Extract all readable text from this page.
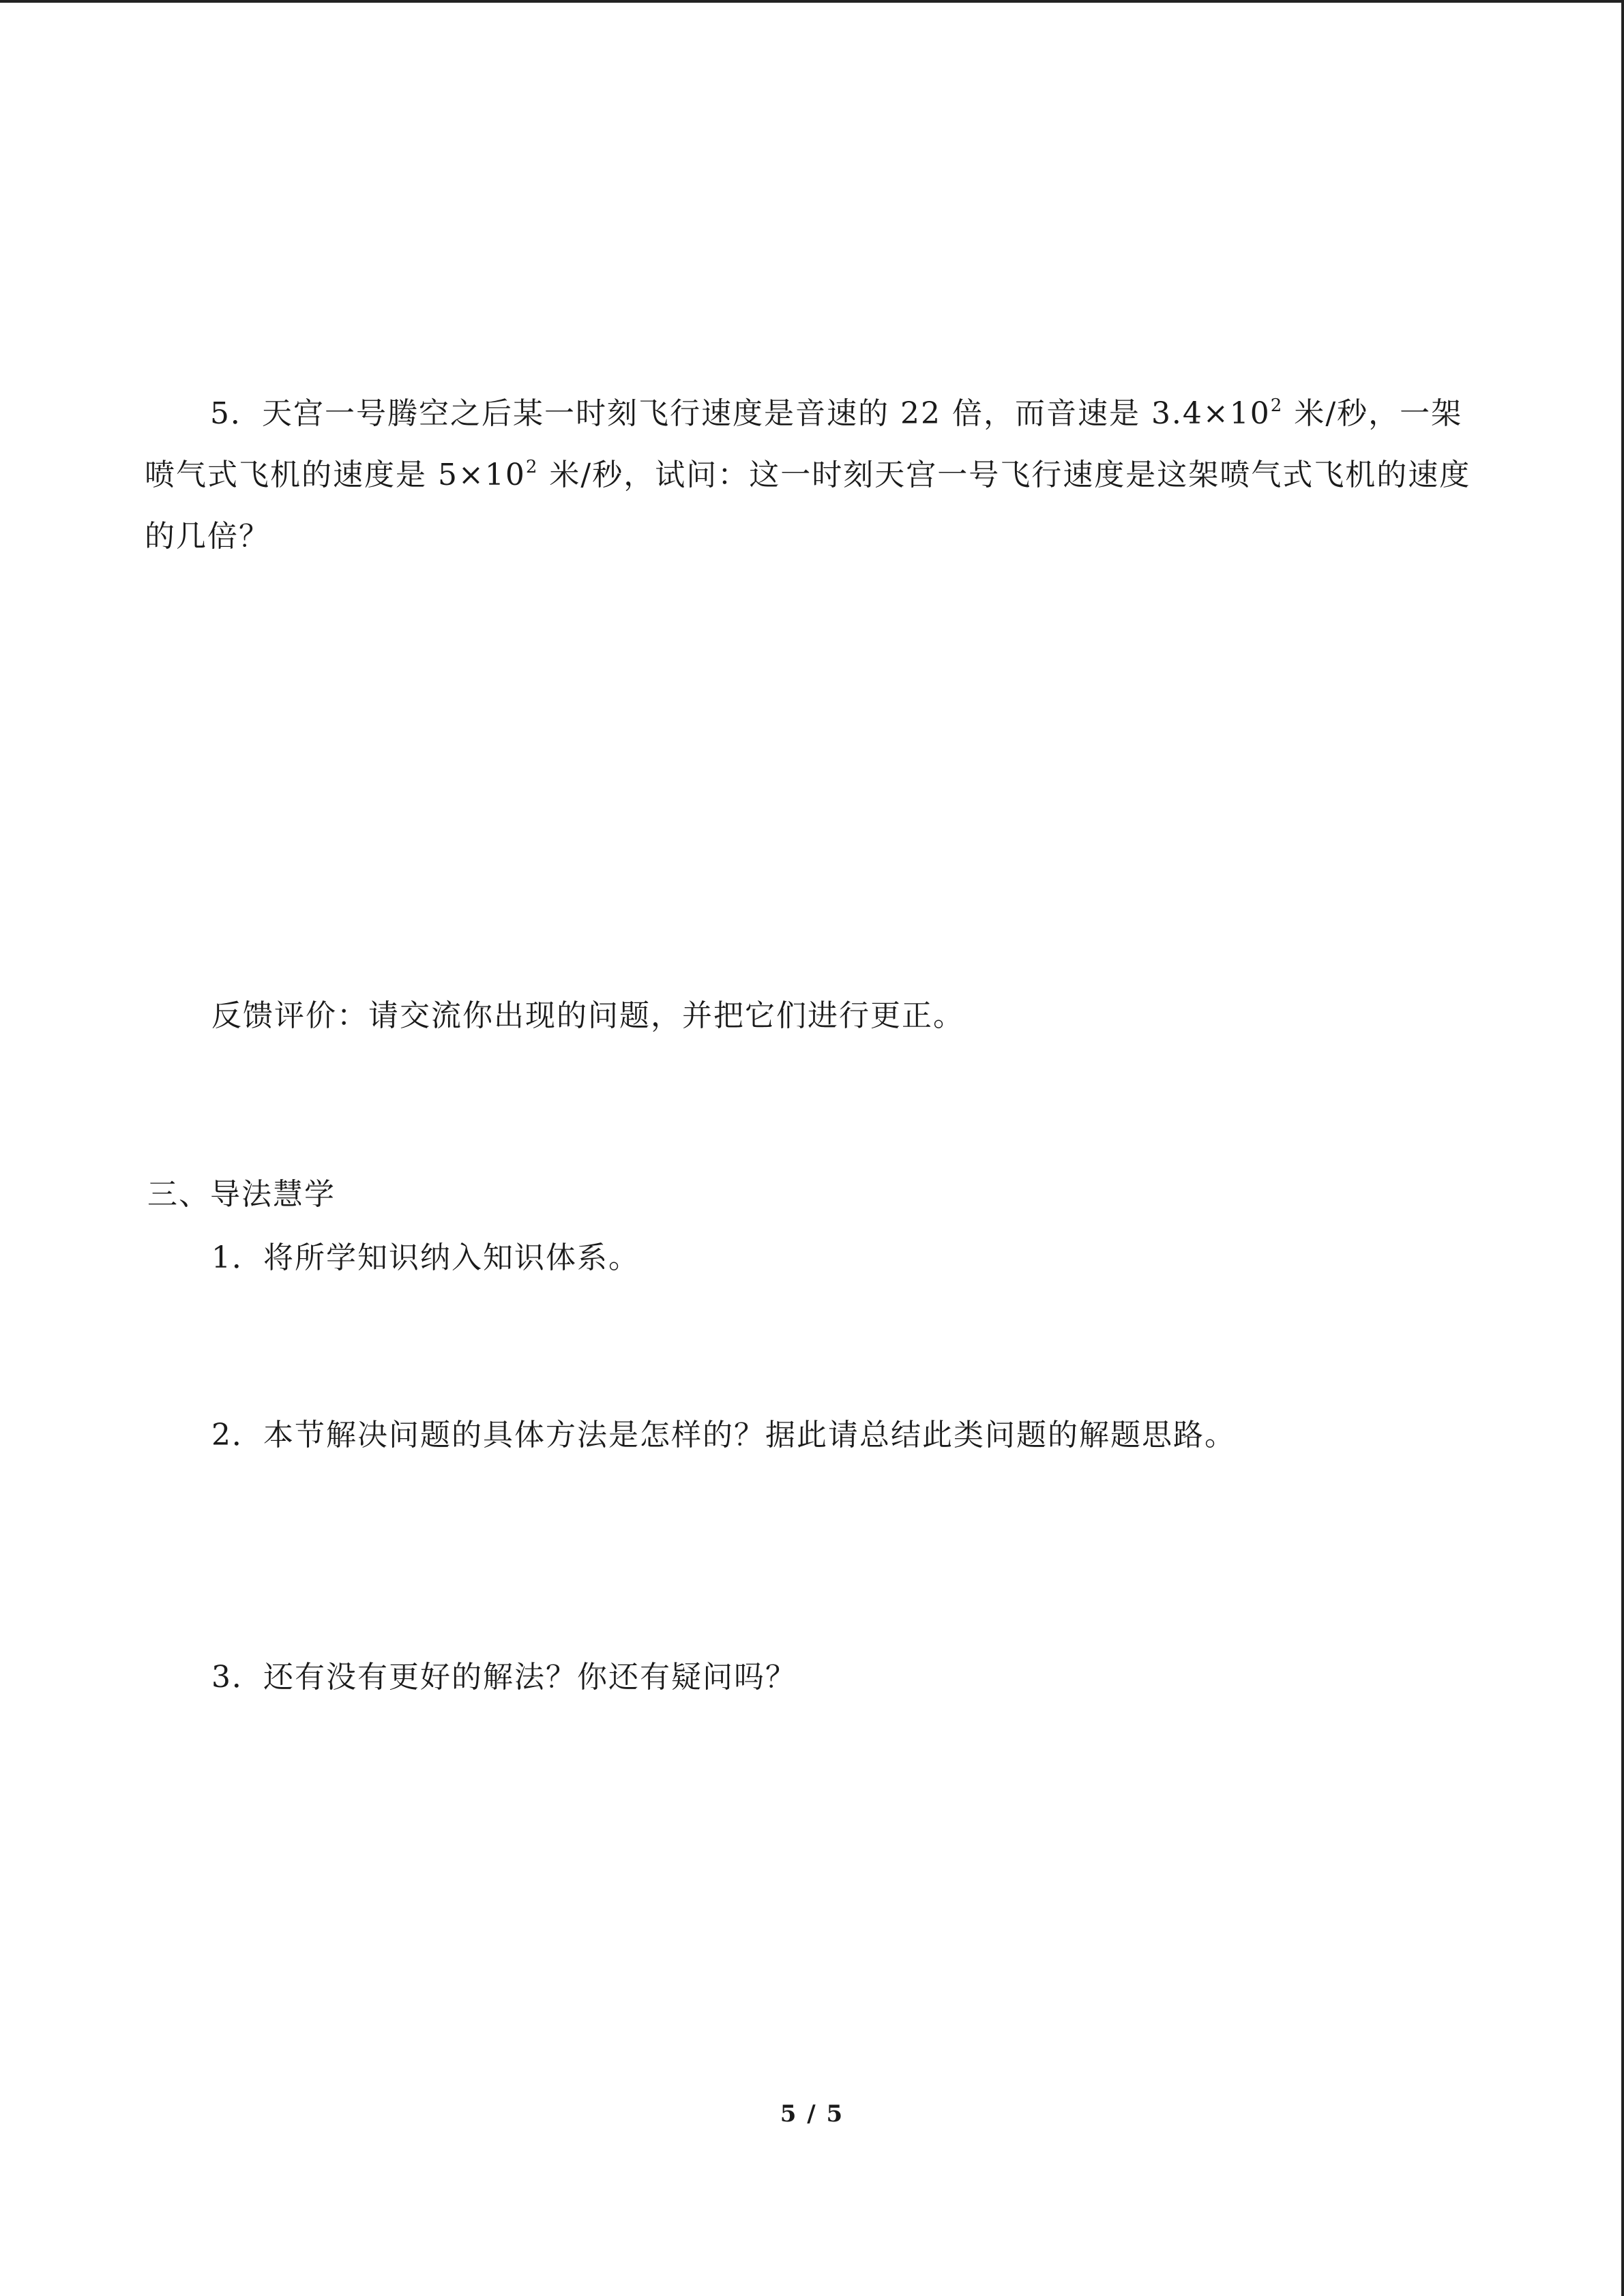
5．天宫一号腾空之后某一时刻飞行速度是音速的 22 倍，而音速是 $3.4\times 10^2$ 米/秒，一架喷气式飞机的速度是 $5\times 10^2$ 米/秒，试问：这一时刻天宫一号飞行速度是这架喷气式飞机的速度的几倍？
反馈评价：请交流你出现的问题，并把它们进行更正。
三、导法慧学
1．将所学知识纳入知识体系。
2．本节解决问题的具体方法是怎样的？据此请总结此类问题的解题思路。
3．还有没有更好的解法？你还有疑问吗？
5 / 5
